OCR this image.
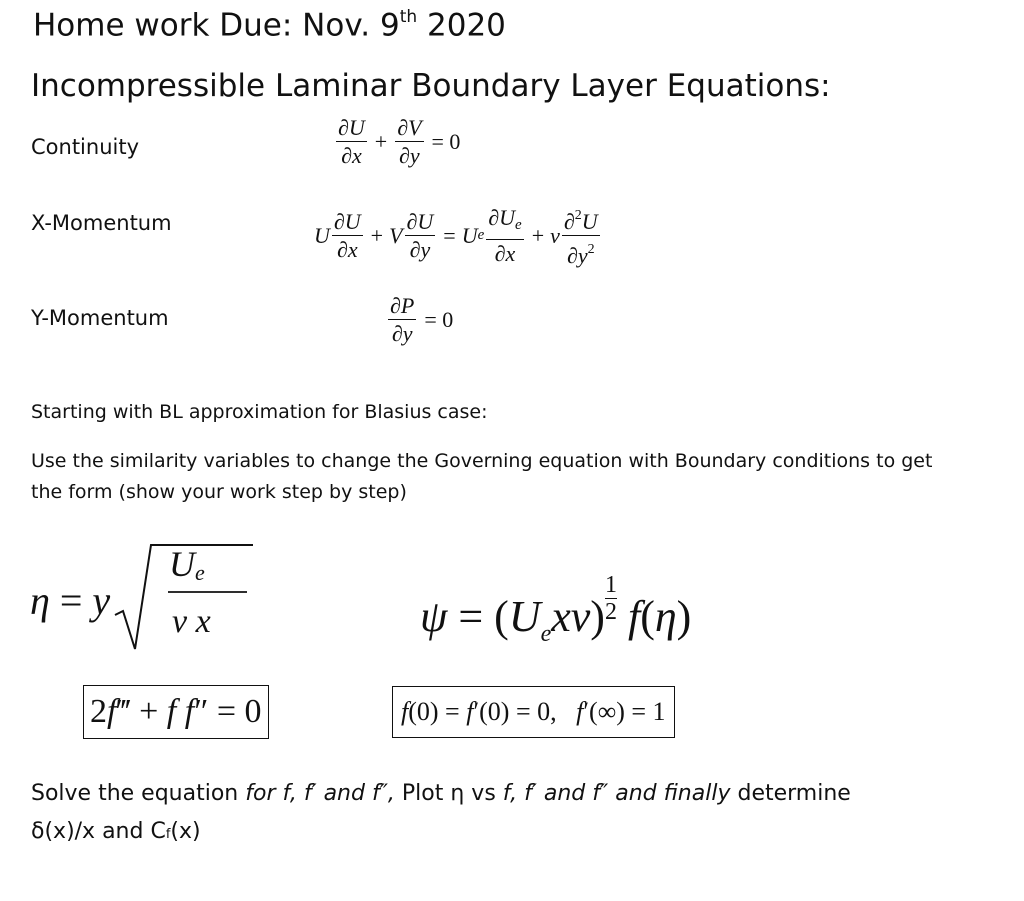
Home work Due: Nov. 9th 2020
Incompressible Laminar Boundary Layer Equations:
Continuity	$\frac{\partial U}{\partial x} + \frac{\partial V}{\partial y} = 0$
X-Momentum	U $\frac{\partial U}{\partial x} + V \frac{\partial U}{\partial y} = U$ e $\frac{\partial Ue}{\partial x} + \nu \frac{\partial^2U}{\partial y^2}$
Y-Momentum	$\frac{\partial P}{\partial y} = 0$
Starting with BL approximation for Blasius case:
Use the similarity variables to change the Governing equation with Boundary conditions to get
the form (show your work step by step)
η = y
Ue
ν x	$\psi = (U_ex\nu) \frac{1}{2} f(\eta)$
2f‴ + f f″ = 0	f(0) = f′(0) = 0,   f′(∞) = 1
Solve the equation for f, f′ and f″, Plot η vs f, f′ and f″ and finally determine
δ(x)/x and Cf(x)
